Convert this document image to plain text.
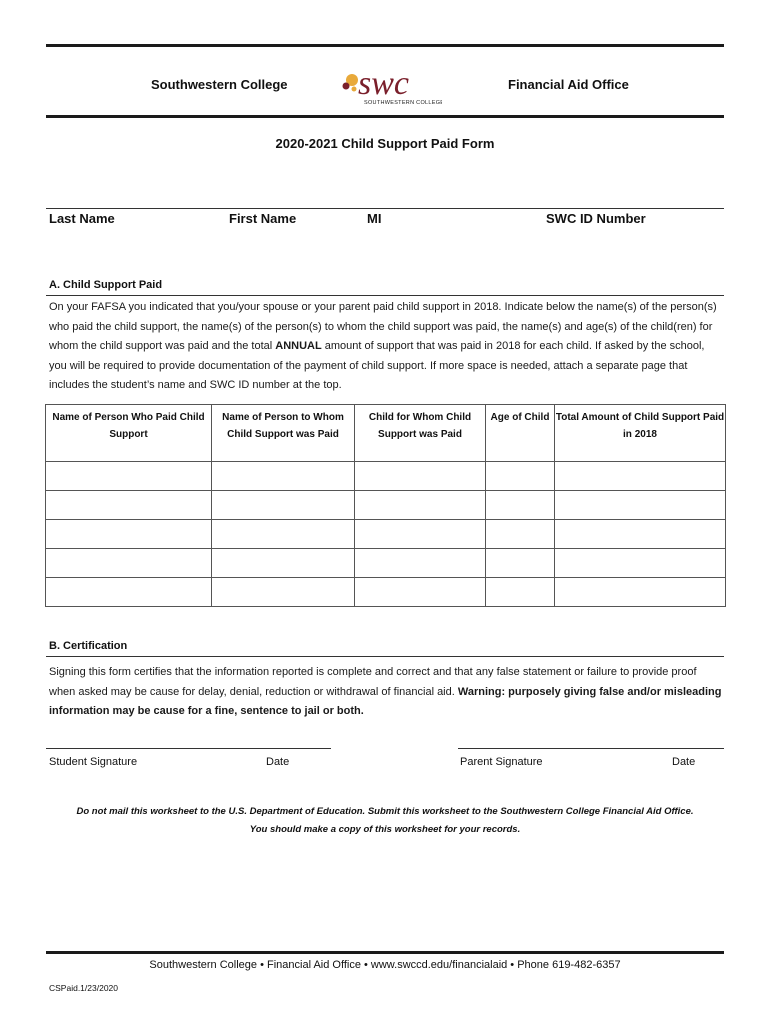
Southwestern College swc
SOUTHWESTERN COLLEGE
Financial Aid Office
2020-2021 Child Support Paid Form
Last Name	First Name	MI	SWC ID Number
A. Child Support Paid
On your FAFSA you indicated that you/your spouse or your parent paid child support in 2018. Indicate below the name(s) of the person(s) who paid the child support, the name(s) of the person(s) to whom the child support was paid, the name(s) and age(s) of the child(ren) for whom the child support was paid and the total ANNUAL amount of support that was paid in 2018 for each child. If asked by the school, you will be required to provide documentation of the payment of child support. If more space is needed, attach a separate page that includes the student’s name and SWC ID number at the top.
Name of Person Who Paid Child Support	Name of Person to Whom Child Support was Paid	Child for Whom Child Support was Paid	Age of Child	Total Amount of Child Support Paid in 2018

B. Certification
Signing this form certifies that the information reported is complete and correct and that any false statement or failure to provide proof when asked may be cause for delay, denial, reduction or withdrawal of financial aid. Warning: purposely giving false and/or misleading information may be cause for a fine, sentence to jail or both.
Student Signature	Date	Parent Signature	Date
Do not mail this worksheet to the U.S. Department of Education. Submit this worksheet to the Southwestern College Financial Aid Office.
You should make a copy of this worksheet for your records.
Southwestern College • Financial Aid Office • www.swccd.edu/financialaid • Phone 619-482-6357
CSPaid.1/23/2020
